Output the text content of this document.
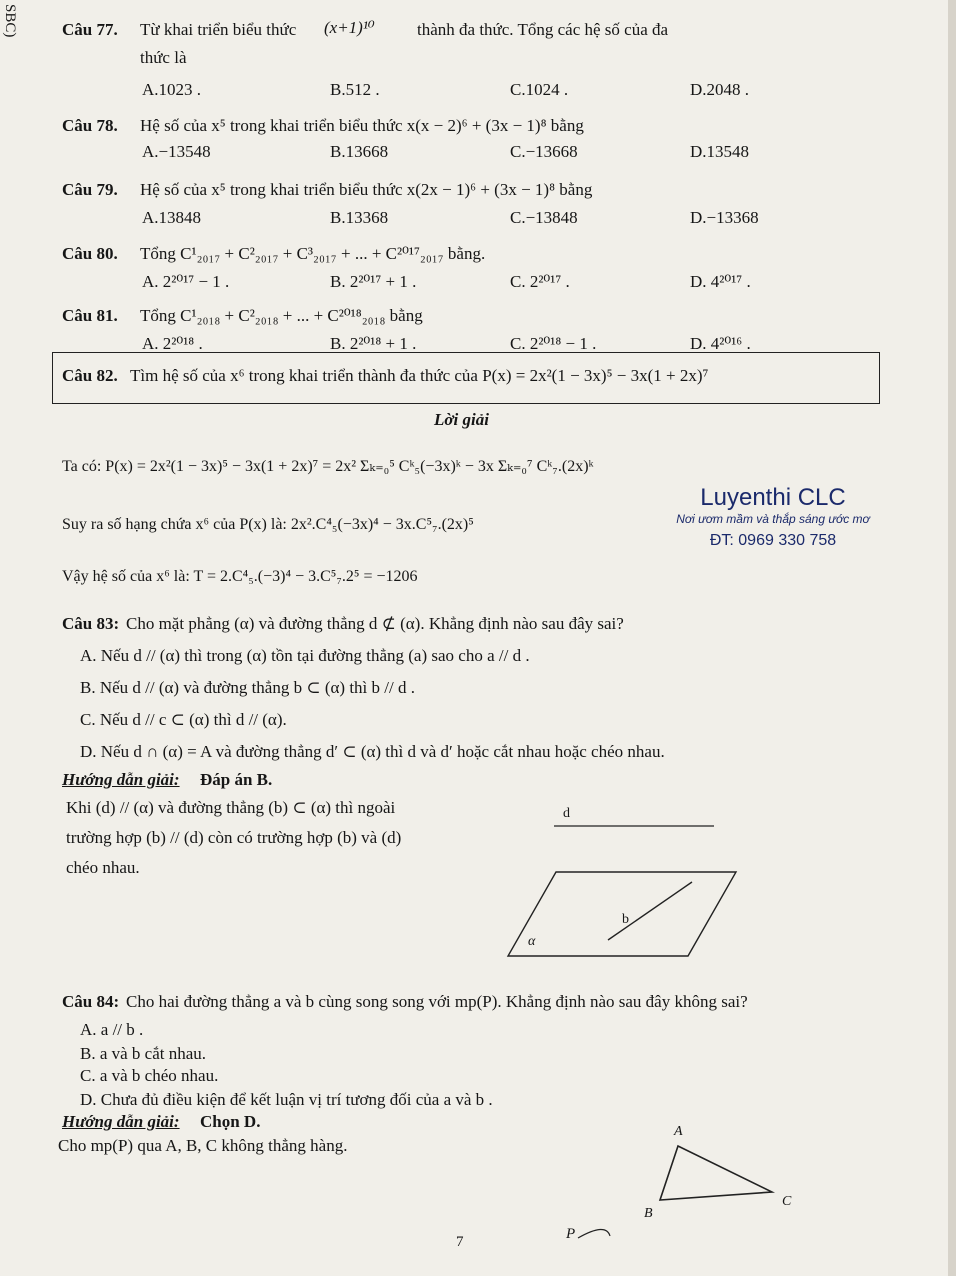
SBC)	Câu 77. Từ khai triển biểu thức (x+1)¹⁰ thành đa thức. Tổng các hệ số của đa
thức là
A.1023 .	B.512 .	C.1024 .	D.2048 .
Câu 78. Hệ số của x⁵ trong khai triển biểu thức x(x − 2)⁶ + (3x − 1)⁸ bằng
A.−13548	B.13668	C.−13668	D.13548
Câu 79. Hệ số của x⁵ trong khai triển biểu thức x(2x − 1)⁶ + (3x − 1)⁸ bằng
A.13848	B.13368	C.−13848	D.−13368
Câu 80. Tổng C¹₂₀₁₇ + C²₂₀₁₇ + C³₂₀₁₇ + ... + C²⁰¹⁷₂₀₁₇ bằng.
A. 2²⁰¹⁷ − 1 .	B. 2²⁰¹⁷ + 1 .	C. 2²⁰¹⁷ .	D. 4²⁰¹⁷ .
Câu 81. Tổng C¹₂₀₁₈ + C²₂₀₁₈ + ... + C²⁰¹⁸₂₀₁₈ bằng
A. 2²⁰¹⁸ .	B. 2²⁰¹⁸ + 1 .	C. 2²⁰¹⁸ − 1 .	D. 4²⁰¹⁶ .
Câu 82. Tìm hệ số của x⁶ trong khai triển thành đa thức của P(x) = 2x²(1 − 3x)⁵ − 3x(1 + 2x)⁷
Lời giải
Ta có: P(x) = 2x²(1 − 3x)⁵ − 3x(1 + 2x)⁷ = 2x² Σₖ₌₀⁵ Cᵏ₅(−3x)ᵏ − 3x Σₖ₌₀⁷ Cᵏ₇.(2x)ᵏ
Suy ra số hạng chứa x⁶ của P(x) là: 2x².C⁴₅(−3x)⁴ − 3x.C⁵₇.(2x)⁵
Vậy hệ số của x⁶ là: T = 2.C⁴₅.(−3)⁴ − 3.C⁵₇.2⁵ = −1206
Luyenthi CLC
Nơi ươm mầm và thắp sáng ước mơ
ĐT: 0969 330 758
Câu 83: Cho mặt phẳng (α) và đường thẳng d ⊄ (α). Khẳng định nào sau đây sai?
A. Nếu d // (α) thì trong (α) tồn tại đường thẳng (a) sao cho a // d .
B. Nếu d // (α) và đường thẳng b ⊂ (α) thì b // d .
C. Nếu d // c ⊂ (α) thì d // (α).
D. Nếu d ∩ (α) = A và đường thẳng d′ ⊂ (α) thì d và d′ hoặc cắt nhau hoặc chéo nhau.
Hướng dẫn giải: Đáp án B.
Khi (d) // (α) và đường thẳng (b) ⊂ (α) thì ngoài
trường hợp (b) // (d) còn có trường hợp (b) và (d)
chéo nhau.
d
b
α
Câu 84: Cho hai đường thẳng a và b cùng song song với mp(P). Khẳng định nào sau đây không sai?
A. a // b .
B. a và b cắt nhau.
C. a và b chéo nhau.
D. Chưa đủ điều kiện để kết luận vị trí tương đối của a và b .
Hướng dẫn giải: Chọn D.
Cho mp(P) qua A, B, C không thẳng hàng.
A
B
C
P
7
